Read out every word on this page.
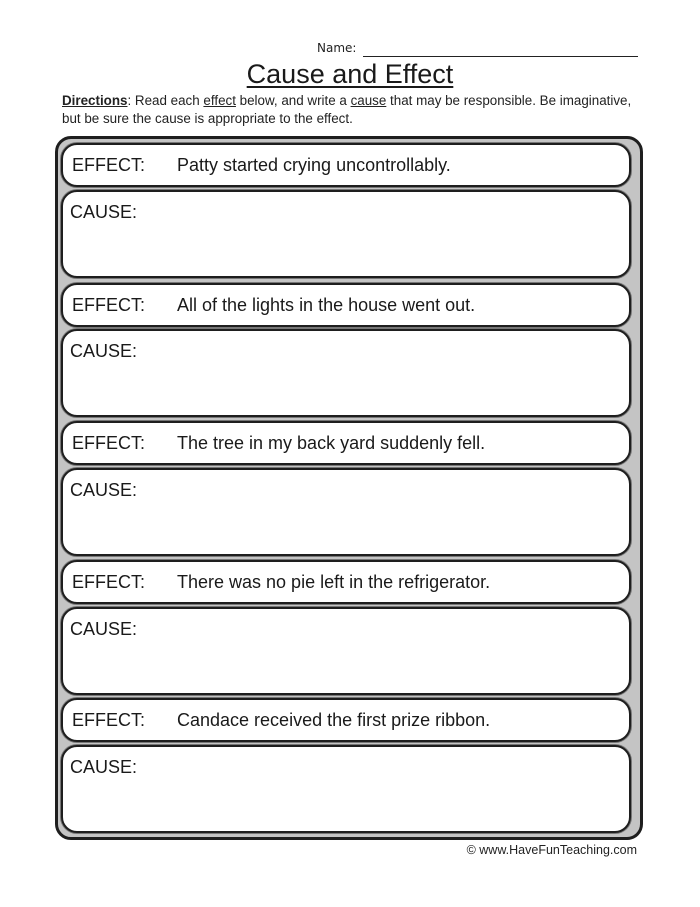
Name:
Cause and Effect
Directions: Read each effect below, and write a cause that may be responsible. Be imaginative, but be sure the cause is appropriate to the effect.
EFFECT: Patty started crying uncontrollably.
CAUSE:
EFFECT: All of the lights in the house went out.
CAUSE:
EFFECT: The tree in my back yard suddenly fell.
CAUSE:
EFFECT: There was no pie left in the refrigerator.
CAUSE:
EFFECT: Candace received the first prize ribbon.
CAUSE:
© www.HaveFunTeaching.com
